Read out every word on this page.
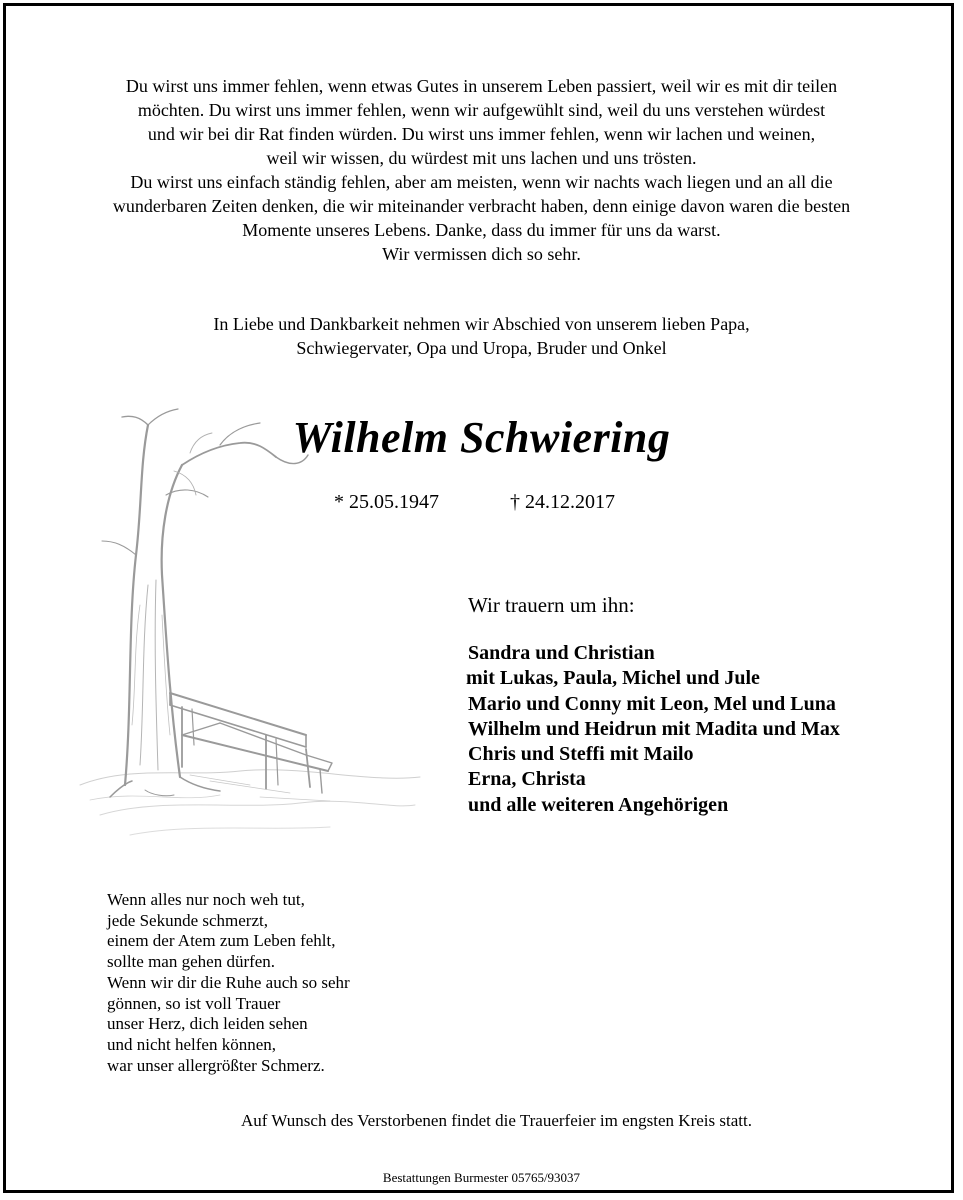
Du wirst uns immer fehlen, wenn etwas Gutes in unserem Leben passiert, weil wir es mit dir teilen
möchten. Du wirst uns immer fehlen, wenn wir aufgewühlt sind, weil du uns verstehen würdest
und wir bei dir Rat finden würden. Du wirst uns immer fehlen, wenn wir lachen und weinen,
weil wir wissen, du würdest mit uns lachen und uns trösten.
Du wirst uns einfach ständig fehlen, aber am meisten, wenn wir nachts wach liegen und an all die
wunderbaren Zeiten denken, die wir miteinander verbracht haben, denn einige davon waren die besten
Momente unseres Lebens. Danke, dass du immer für uns da warst.
Wir vermissen dich so sehr.
In Liebe und Dankbarkeit nehmen wir Abschied von unserem lieben Papa,
Schwiegervater, Opa und Uropa, Bruder und Onkel
Wilhelm Schwiering
* 25.05.1947	† 24.12.2017
Wir trauern um ihn:
Sandra und Christian
mit Lukas, Paula, Michel und Jule
Mario und Conny mit Leon, Mel und Luna
Wilhelm und Heidrun mit Madita und Max
Chris und Steffi mit Mailo
Erna, Christa
und alle weiteren Angehörigen
Wenn alles nur noch weh tut,
jede Sekunde schmerzt,
einem der Atem zum Leben fehlt,
sollte man gehen dürfen.
Wenn wir dir die Ruhe auch so sehr
gönnen, so ist voll Trauer
unser Herz, dich leiden sehen
und nicht helfen können,
war unser allergrößter Schmerz.
Auf Wunsch des Verstorbenen findet die Trauerfeier im engsten Kreis statt.
Bestattungen Burmester 05765/93037
